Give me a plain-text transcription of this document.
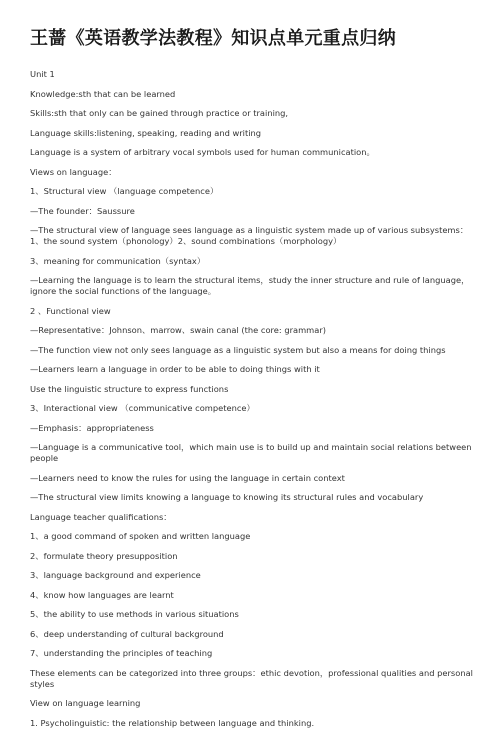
王蔷《英语教学法教程》知识点单元重点归纳
Unit 1
Knowledge:sth that can be learned
Skills:sth that only can be gained through practice or training,
Language skills:listening, speaking, reading and writing
Language is a system of arbitrary vocal symbols used for human communication。
Views on language：
1、Structural view （language competence）
—The founder：Saussure
—The structural view of language sees language as a linguistic system made up of various subsystems：1、the sound system（phonology）2、sound combinations（morphology）
3、meaning for communication（syntax）
—Learning the language is to learn the structural items，study the inner structure and rule of language，ignore the social functions of the language。
2 、Functional view
—Representative：Johnson、marrow、swain canal (the core: grammar)
—The function view not only sees language as a linguistic system but also a means for doing things
—Learners learn a language in order to be able to doing things with it
Use the linguistic structure to express functions
3、Interactional view （communicative competence）
—Emphasis：appropriateness
—Language is a communicative tool，which main use is to build up and maintain social relations between people
—Learners need to know the rules for using the language in certain context
—The structural view limits knowing a language to knowing its structural rules and vocabulary
Language teacher qualifications：
1、a good command of spoken and written language
2、formulate theory presupposition
3、language background and experience
4、know how languages are learnt
5、the ability to use methods in various situations
6、deep understanding of cultural background
7、understanding the principles of teaching
These elements can be categorized into three groups：ethic devotion，professional qualities and personal styles
View on language learning
1. Psycholinguistic: the relationship between language and thinking.
